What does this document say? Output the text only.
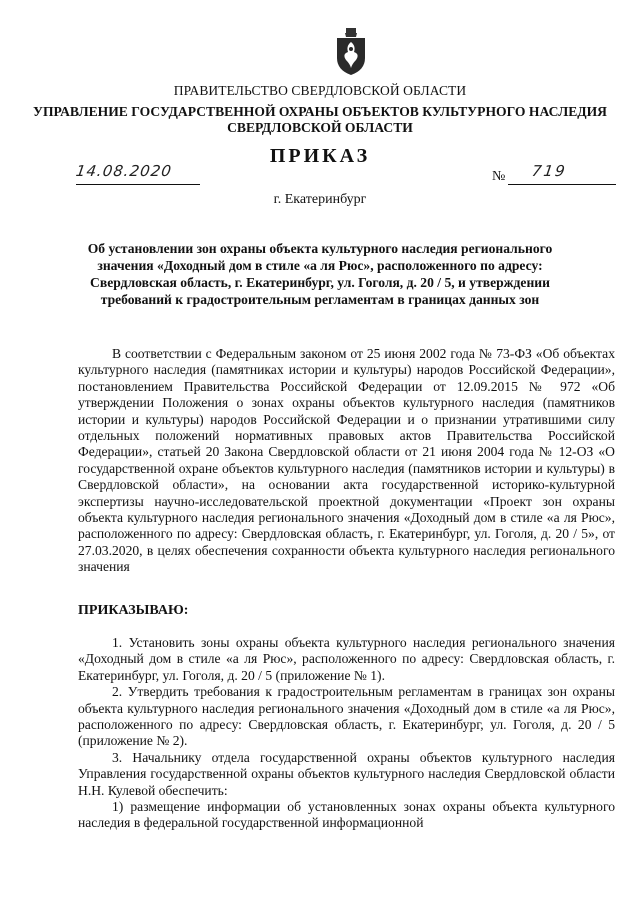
ПРАВИТЕЛЬСТВО СВЕРДЛОВСКОЙ ОБЛАСТИ
УПРАВЛЕНИЕ ГОСУДАРСТВЕННОЙ ОХРАНЫ ОБЪЕКТОВ КУЛЬТУРНОГО НАСЛЕДИЯ
СВЕРДЛОВСКОЙ ОБЛАСТИ
ПРИКАЗ
14.08.2020	№ 719
г. Екатеринбург
Об установлении зон охраны объекта культурного наследия регионального
значения «Доходный дом в стиле «а ля Рюс», расположенного по адресу:
Свердловская область, г. Екатеринбург, ул. Гоголя, д. 20 / 5, и утверждении
требований к градостроительным регламентам в границах данных зон

В соответствии с Федеральным законом от 25 июня 2002 года № 73-ФЗ «Об объектах культурного наследия (памятниках истории и культуры) народов Российской Федерации», постановлением Правительства Российской Федерации от 12.09.2015 № 972 «Об утверждении Положения о зонах охраны объектов культурного наследия (памятников истории и культуры) народов Российской Федерации и о признании утратившими силу отдельных положений нормативных правовых актов Правительства Российской Федерации», статьей 20 Закона Свердловской области от 21 июня 2004 года № 12-ОЗ «О государственной охране объектов культурного наследия (памятников истории и культуры) в Свердловской области», на основании акта государственной историко-культурной экспертизы научно-исследовательской проектной документации «Проект зон охраны объекта культурного наследия регионального значения «Доходный дом в стиле «а ля Рюс», расположенного по адресу: Свердловская область, г. Екатеринбург, ул. Гоголя, д. 20 / 5», от 27.03.2020, в целях обеспечения сохранности объекта культурного наследия регионального значения

ПРИКАЗЫВАЮ:

1. Установить зоны охраны объекта культурного наследия регионального значения «Доходный дом в стиле «а ля Рюс», расположенного по адресу: Свердловская область, г. Екатеринбург, ул. Гоголя, д. 20 / 5 (приложение № 1).

2. Утвердить требования к градостроительным регламентам в границах зон охраны объекта культурного наследия регионального значения «Доходный дом в стиле «а ля Рюс», расположенного по адресу: Свердловская область, г. Екатеринбург, ул. Гоголя, д. 20 / 5 (приложение № 2).

3. Начальнику отдела государственной охраны объектов культурного наследия Управления государственной охраны объектов культурного наследия Свердловской области Н.Н. Кулевой обеспечить:

1) размещение информации об установленных зонах охраны объекта культурного наследия в федеральной государственной информационной
